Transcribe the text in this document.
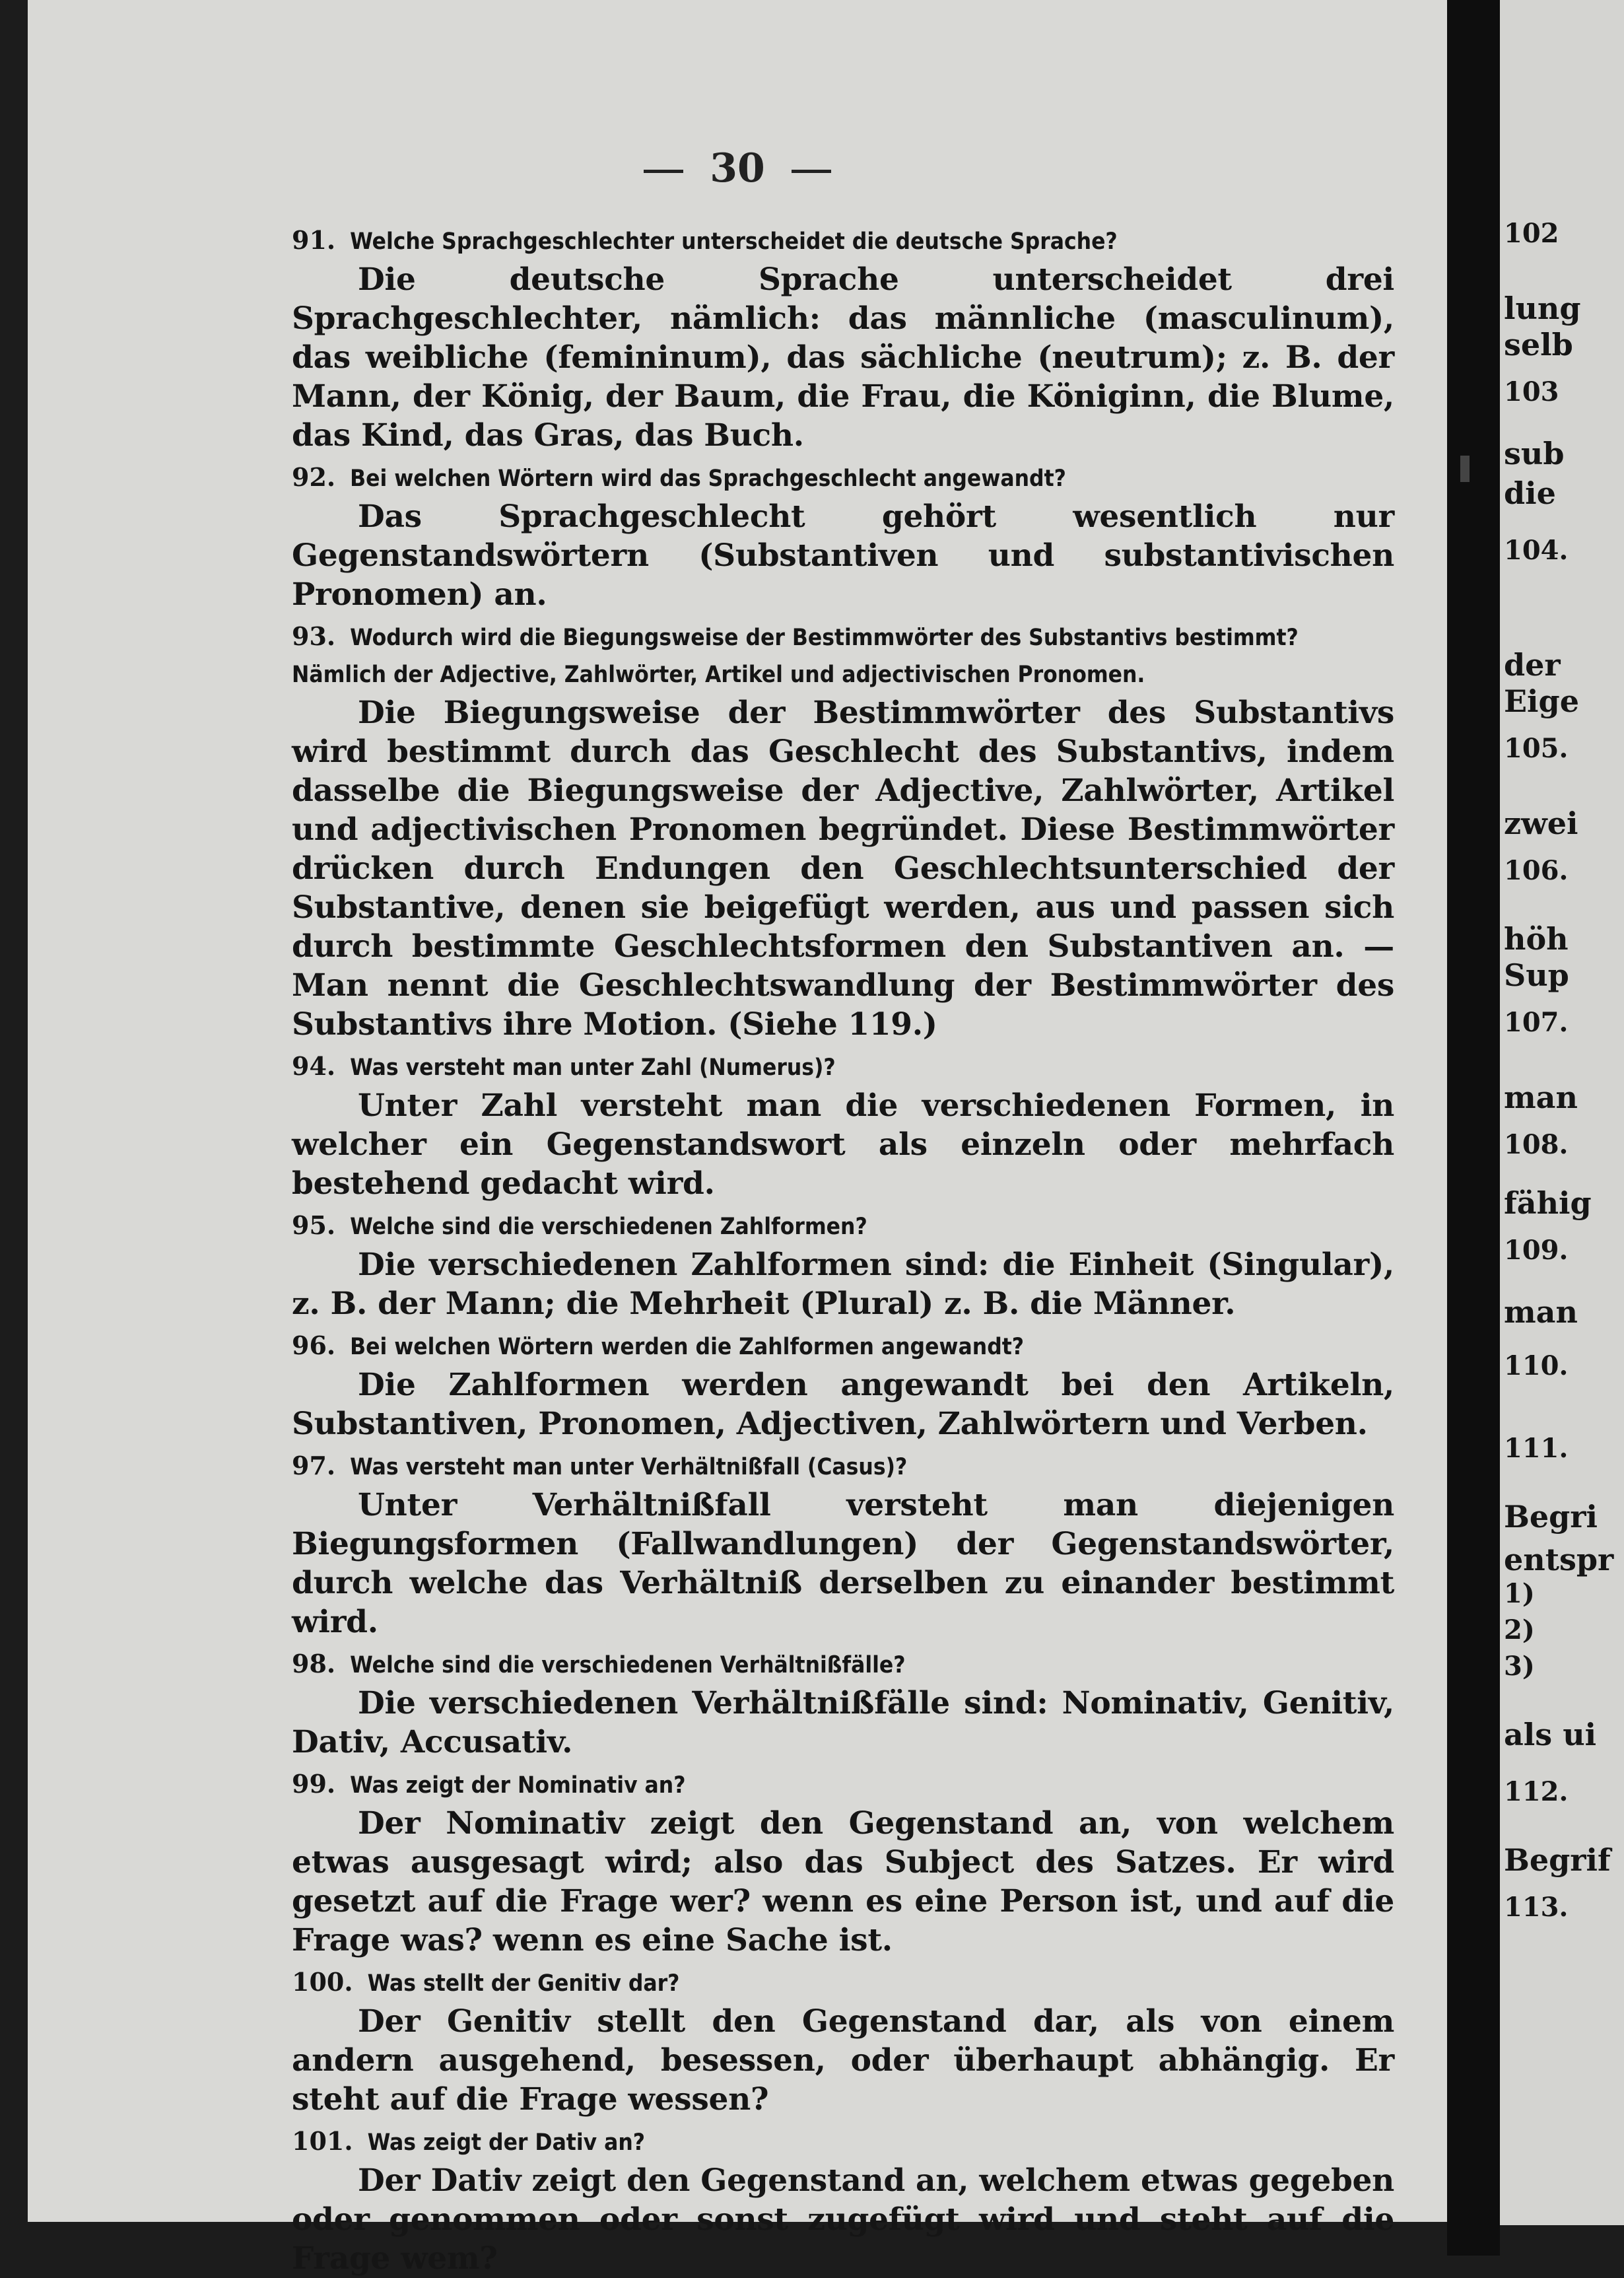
30
91. Welche Sprachgeschlechter unterscheidet die deutsche Sprache?
Die deutsche Sprache unterscheidet drei Sprachgeschlechter, nämlich: das männliche (masculinum), das weibliche (femininum), das sächliche (neutrum); z. B. der Mann, der König, der Baum, die Frau, die Königinn, die Blume, das Kind, das Gras, das Buch.
92. Bei welchen Wörtern wird das Sprachgeschlecht angewandt?
Das Sprachgeschlecht gehört wesentlich nur Gegenstandswörtern (Substantiven und substantivischen Pronomen) an.
93. Wodurch wird die Biegungsweise der Bestimmwörter des Substantivs bestimmt? Nämlich der Adjective, Zahlwörter, Artikel und adjectivischen Pronomen.
Die Biegungsweise der Bestimmwörter des Substantivs wird bestimmt durch das Geschlecht des Substantivs, indem dasselbe die Biegungsweise der Adjective, Zahlwörter, Artikel und adjectivischen Pronomen begründet. Diese Bestimmwörter drücken durch Endungen den Geschlechtsunterschied der Substantive, denen sie beigefügt werden, aus und passen sich durch bestimmte Geschlechtsformen den Substantiven an. — Man nennt die Geschlechtswandlung der Bestimmwörter des Substantivs ihre Motion. (Siehe 119.)
94. Was versteht man unter Zahl (Numerus)?
Unter Zahl versteht man die verschiedenen Formen, in welcher ein Gegenstandswort als einzeln oder mehrfach bestehend gedacht wird.
95. Welche sind die verschiedenen Zahlformen?
Die verschiedenen Zahlformen sind: die Einheit (Singular), z. B. der Mann; die Mehrheit (Plural) z. B. die Männer.
96. Bei welchen Wörtern werden die Zahlformen angewandt?
Die Zahlformen werden angewandt bei den Artikeln, Substantiven, Pronomen, Adjectiven, Zahlwörtern und Verben.
97. Was versteht man unter Verhältnißfall (Casus)?
Unter Verhältnißfall versteht man diejenigen Biegungsformen (Fallwandlungen) der Gegenstandswörter, durch welche das Verhältniß derselben zu einander bestimmt wird.
98. Welche sind die verschiedenen Verhältnißfälle?
Die verschiedenen Verhältnißfälle sind: Nominativ, Genitiv, Dativ, Accusativ.
99. Was zeigt der Nominativ an?
Der Nominativ zeigt den Gegenstand an, von welchem etwas ausgesagt wird; also das Subject des Satzes. Er wird gesetzt auf die Frage wer? wenn es eine Person ist, und auf die Frage was? wenn es eine Sache ist.
100. Was stellt der Genitiv dar?
Der Genitiv stellt den Gegenstand dar, als von einem andern ausgehend, besessen, oder überhaupt abhängig. Er steht auf die Frage wessen?
101. Was zeigt der Dativ an?
Der Dativ zeigt den Gegenstand an, welchem etwas gegeben oder genommen oder sonst zugefügt wird und steht auf die Frage wem?
102
lung
selb
103
sub
die
104.
der
Eige
105.
zwei
106.
höh
Sup
107.
man
108.
fähig
109.
man
110.
111.
Begri
entspr
1)
2)
3)
als ui
112.
Begrif
113.
